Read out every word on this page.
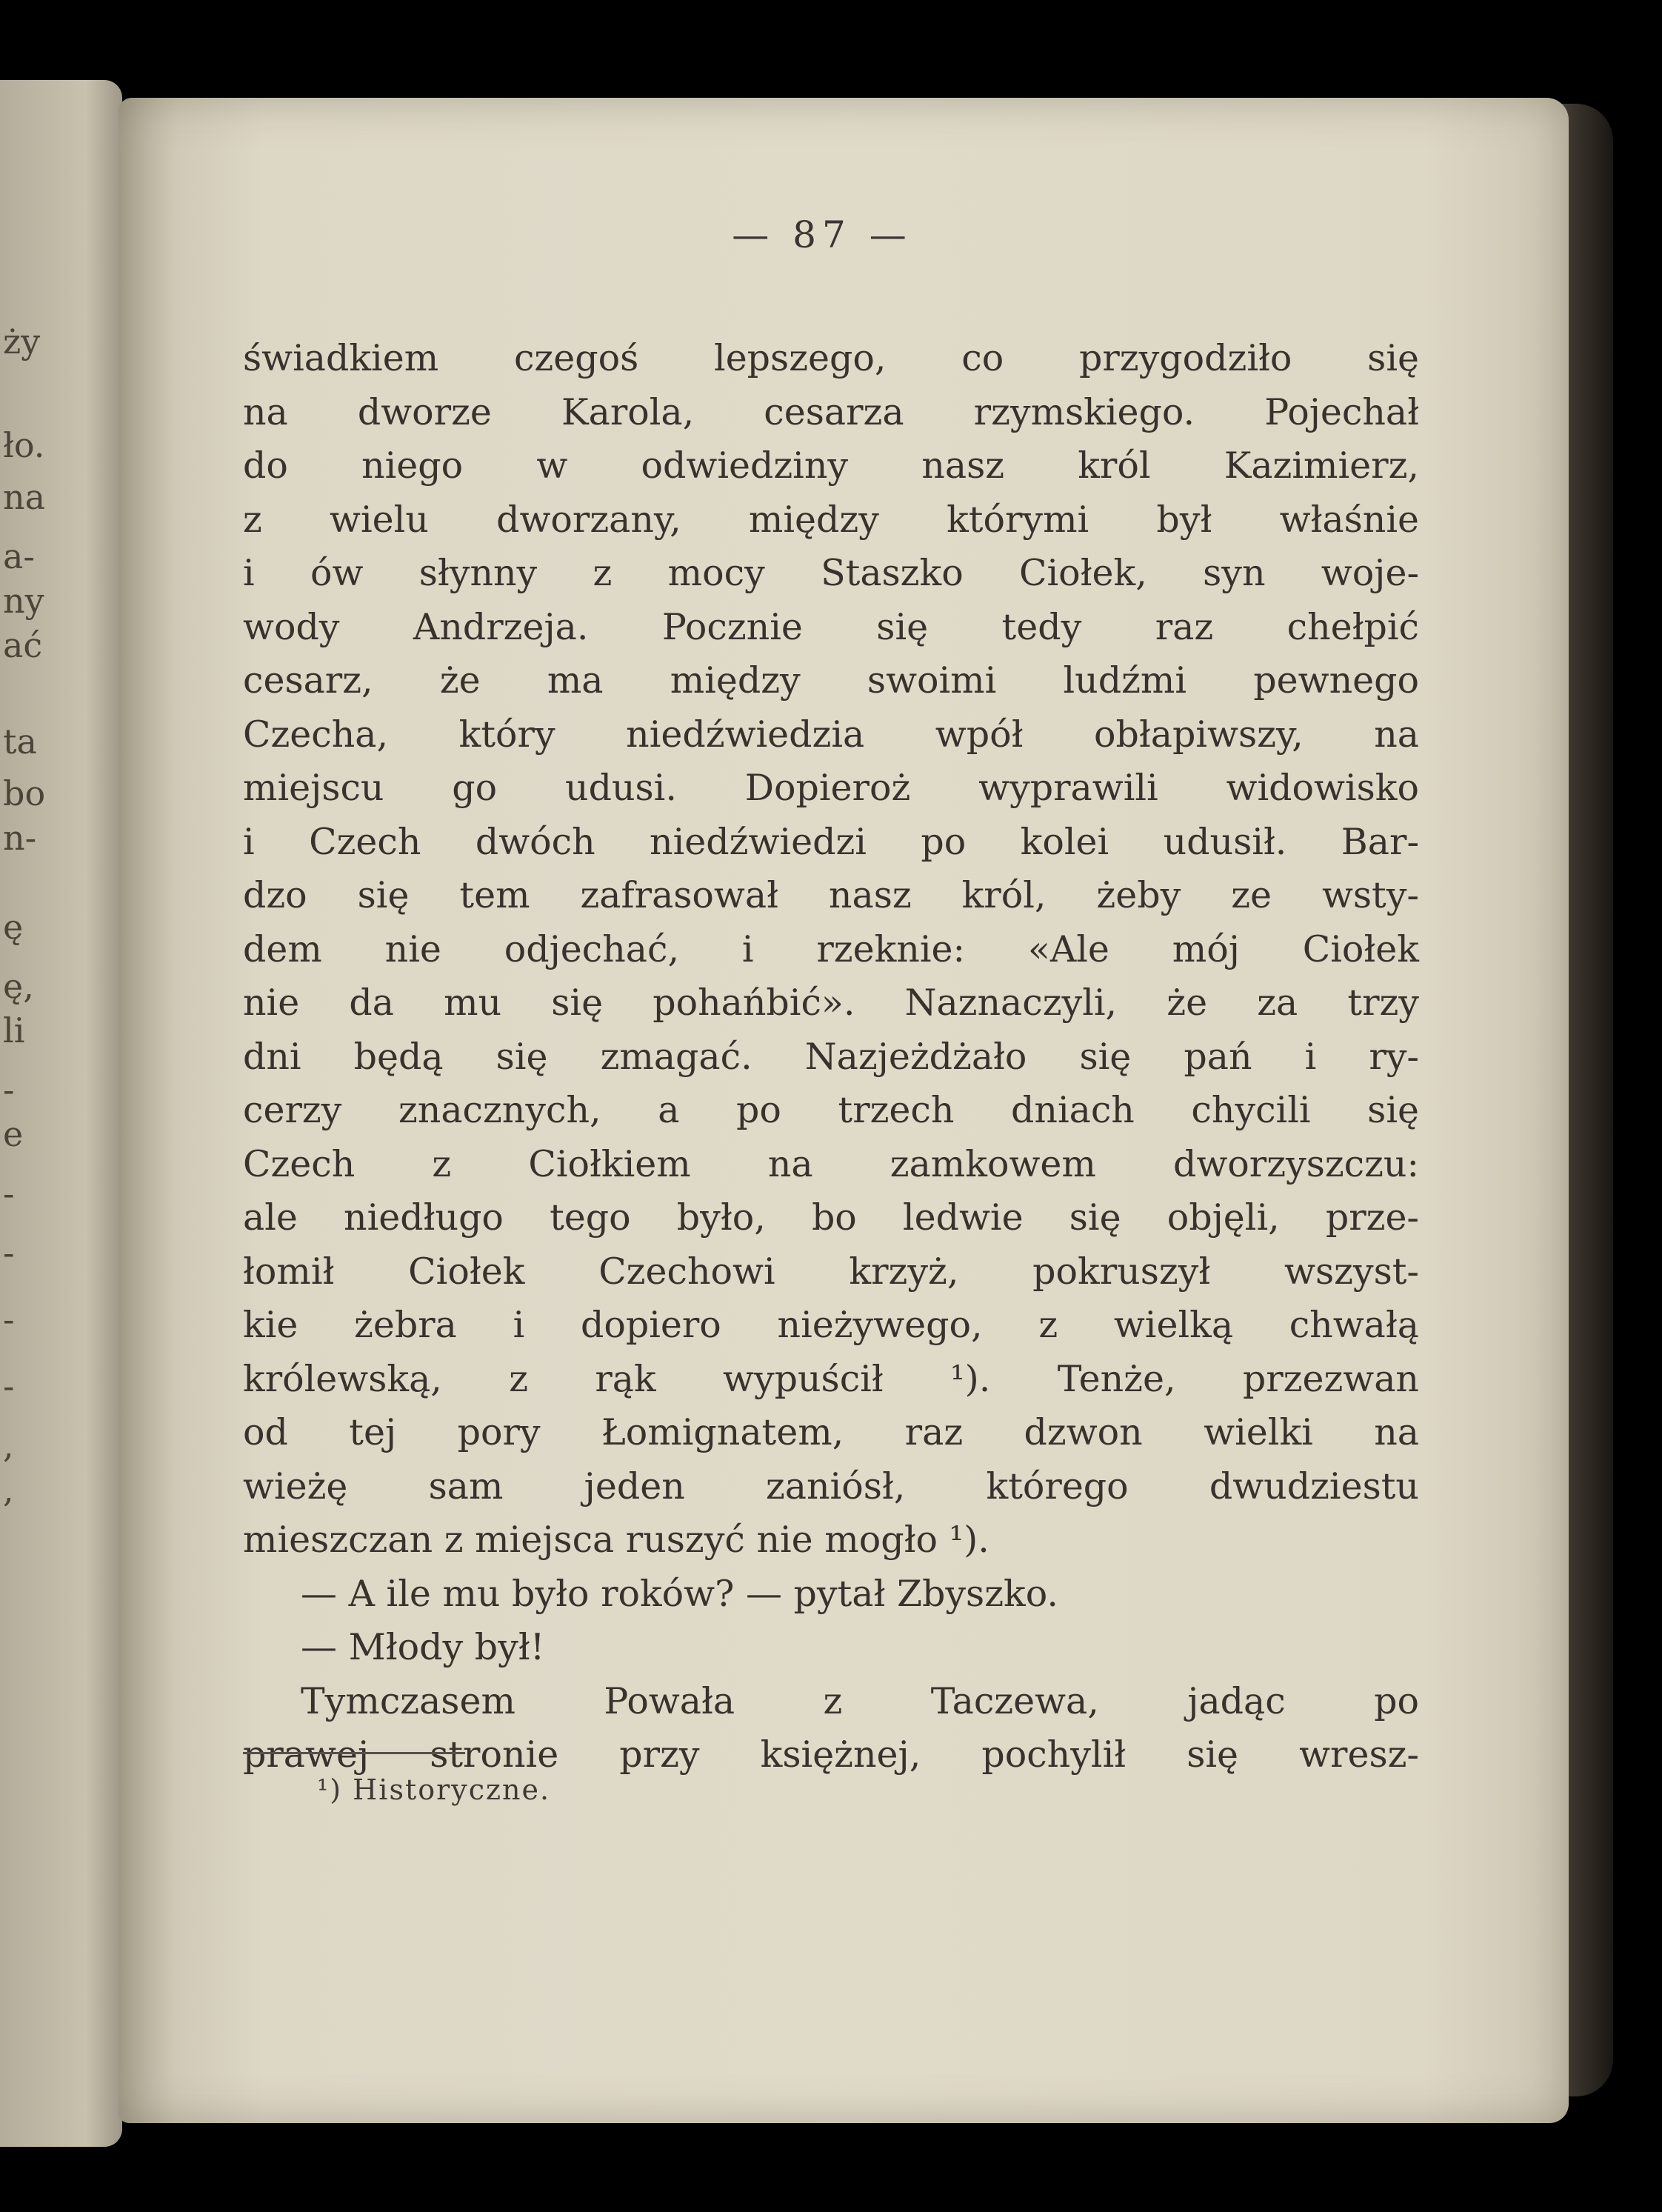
ży
ło.
na
a-
ny
ać
ta
bo
n-
ę
ę,
li
-
e
-
-
-
-
,
,
— 87 —
świadkiem czegoś lepszego, co przygodziło się
na dworze Karola, cesarza rzymskiego. Pojechał
do niego w odwiedziny nasz król Kazimierz,
z wielu dworzany, między którymi był właśnie
i ów słynny z mocy Staszko Ciołek, syn woje-
wody Andrzeja. Pocznie się tedy raz chełpić
cesarz, że ma między swoimi ludźmi pewnego
Czecha, który niedźwiedzia wpół obłapiwszy, na
miejscu go udusi. Dopieroż wyprawili widowisko
i Czech dwóch niedźwiedzi po kolei udusił. Bar-
dzo się tem zafrasował nasz król, żeby ze wsty-
dem nie odjechać, i rzeknie: «Ale mój Ciołek
nie da mu się pohańbić». Naznaczyli, że za trzy
dni będą się zmagać. Nazjeżdżało się pań i ry-
cerzy znacznych, a po trzech dniach chycili się
Czech z Ciołkiem na zamkowem dworzyszczu:
ale niedługo tego było, bo ledwie się objęli, prze-
łomił Ciołek Czechowi krzyż, pokruszył wszyst-
kie żebra i dopiero nieżywego, z wielką chwałą
królewską, z rąk wypuścił ¹). Tenże, przezwan
od tej pory Łomignatem, raz dzwon wielki na
wieżę sam jeden zaniósł, którego dwudziestu
mieszczan z miejsca ruszyć nie mogło ¹).
— A ile mu było roków? — pytał Zbyszko.
— Młody był!
Tymczasem Powała z Taczewa, jadąc po
prawej stronie przy księżnej, pochylił się wresz-
¹) Historyczne.
